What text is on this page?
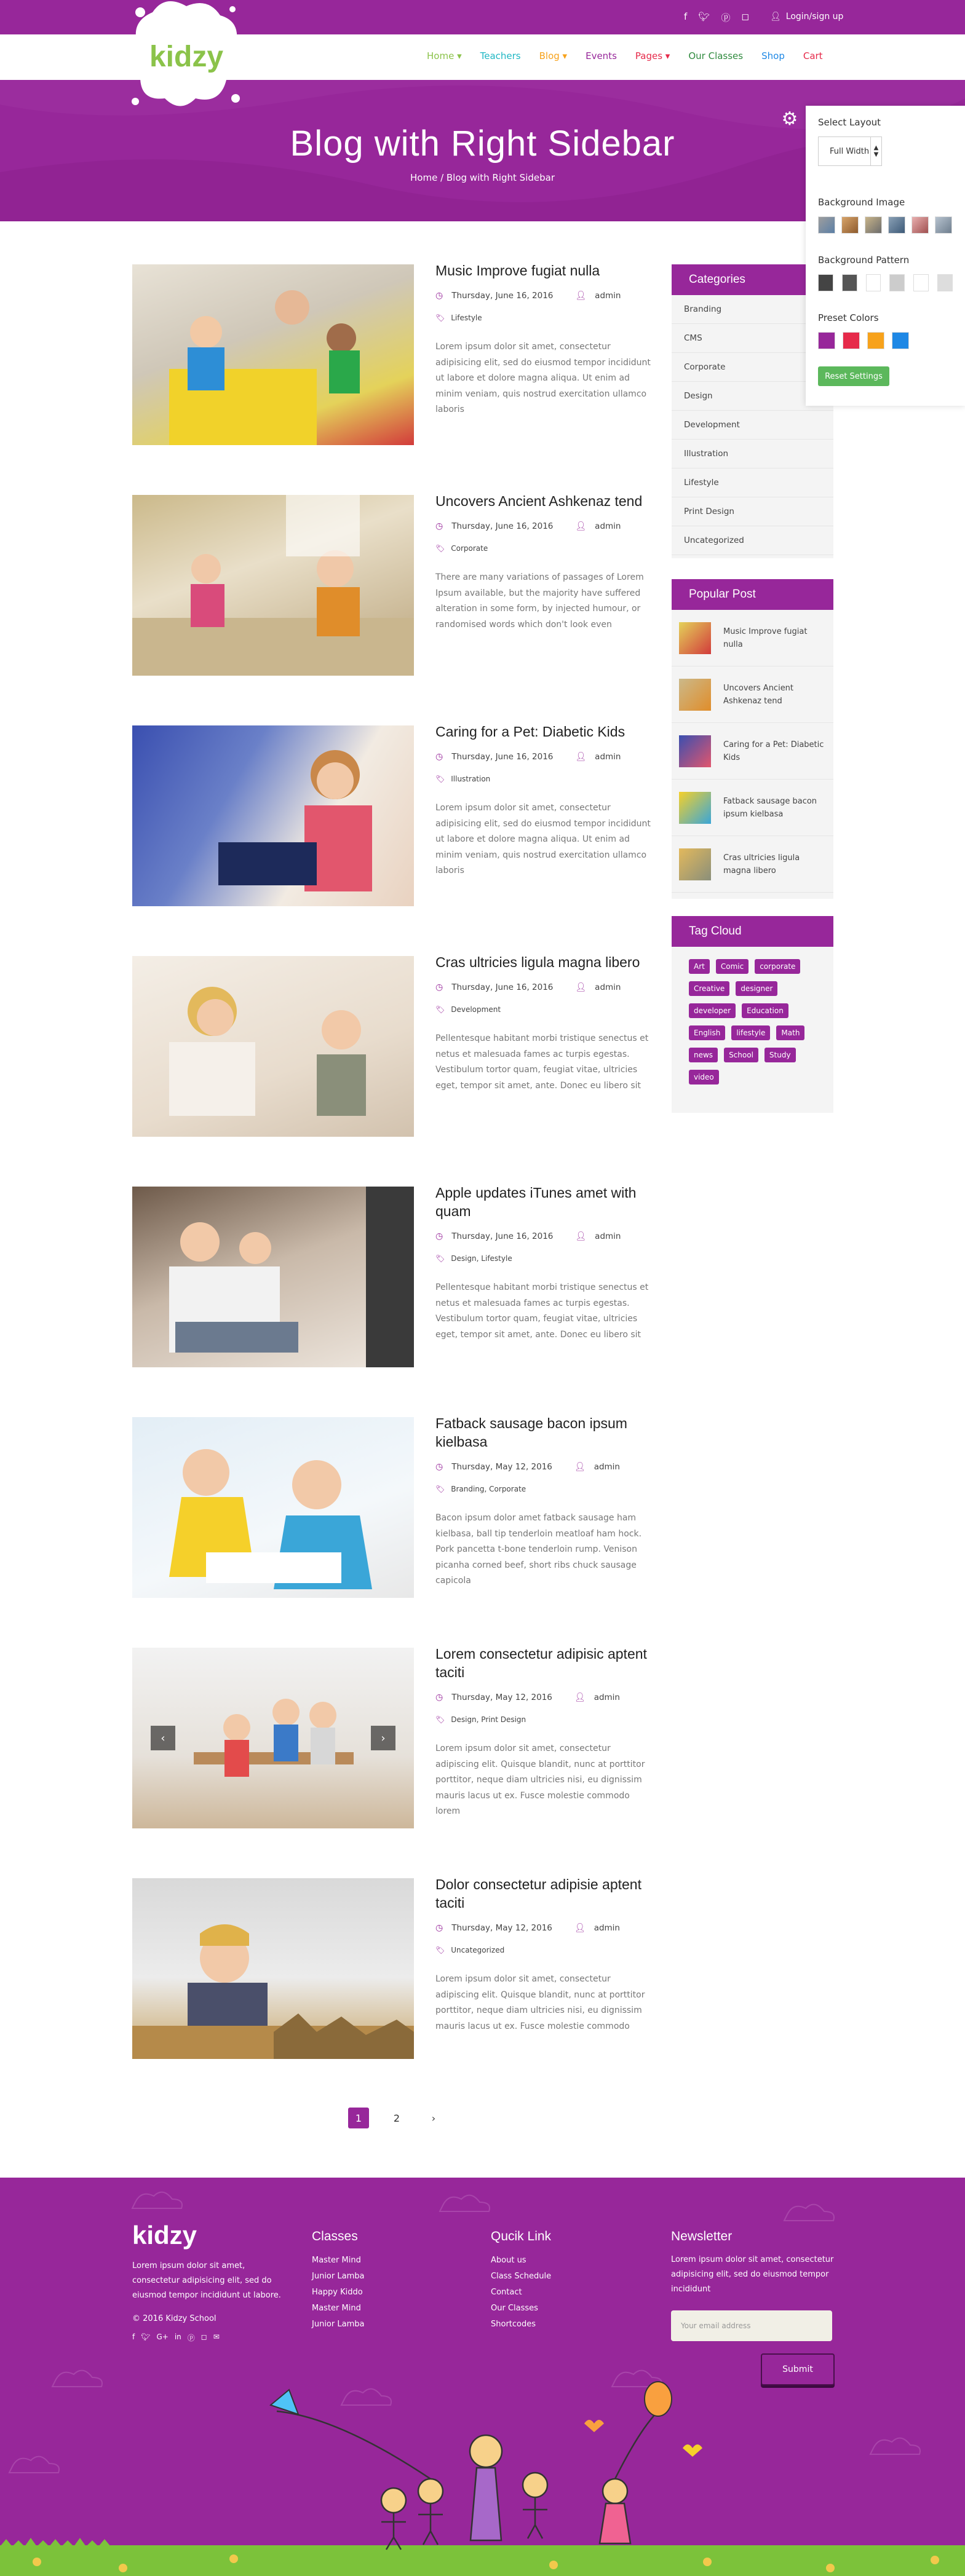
f 🐦︎ ⓟ ◻ 👤︎ Login/sign up
Home ▾ Teachers Blog ▾ Events Pages ▾ Our Classes Shop Cart
kidzy
Blog with Right Sidebar
Home / Blog with Right Sidebar
⚙	Select Layout
Full Width ▲
▼
Background Image
Background Pattern
Preset Colors
Reset Settings
Music Improve fugiat nulla
◷ Thursday, June 16, 2016	👤︎ admin
🏷︎ Lifestyle
Lorem ipsum dolor sit amet, consectetur adipisicing elit, sed do eiusmod tempor incididunt ut labore et dolore magna aliqua. Ut enim ad minim veniam, quis nostrud exercitation ullamco laboris
Uncovers Ancient Ashkenaz tend
◷ Thursday, June 16, 2016	👤︎ admin
🏷︎ Corporate
There are many variations of passages of Lorem Ipsum available, but the majority have suffered alteration in some form, by injected humour, or randomised words which don't look even
Caring for a Pet: Diabetic Kids
◷ Thursday, June 16, 2016	👤︎ admin
🏷︎ Illustration
Lorem ipsum dolor sit amet, consectetur adipisicing elit, sed do eiusmod tempor incididunt ut labore et dolore magna aliqua. Ut enim ad minim veniam, quis nostrud exercitation ullamco laboris
Cras ultricies ligula magna libero
◷ Thursday, June 16, 2016	👤︎ admin
🏷︎ Development
Pellentesque habitant morbi tristique senectus et netus et malesuada fames ac turpis egestas. Vestibulum tortor quam, feugiat vitae, ultricies eget, tempor sit amet, ante. Donec eu libero sit
Apple updates iTunes amet with quam
◷ Thursday, June 16, 2016	👤︎ admin
🏷︎ Design, Lifestyle
Pellentesque habitant morbi tristique senectus et netus et malesuada fames ac turpis egestas. Vestibulum tortor quam, feugiat vitae, ultricies eget, tempor sit amet, ante. Donec eu libero sit
Fatback sausage bacon ipsum kielbasa
◷ Thursday, May 12, 2016	👤︎ admin
🏷︎ Branding, Corporate
Bacon ipsum dolor amet fatback sausage ham kielbasa, ball tip tenderloin meatloaf ham hock. Pork pancetta t-bone tenderloin rump. Venison picanha corned beef, short ribs chuck sausage capicola
‹	›
Lorem consectetur adipisic aptent taciti
◷ Thursday, May 12, 2016	👤︎ admin
🏷︎ Design, Print Design
Lorem ipsum dolor sit amet, consectetur adipiscing elit. Quisque blandit, nunc at porttitor porttitor, neque diam ultricies nisi, eu dignissim mauris lacus ut ex. Fusce molestie commodo lorem
Dolor consectetur adipisie aptent taciti
◷ Thursday, May 12, 2016	👤︎ admin
🏷︎ Uncategorized
Lorem ipsum dolor sit amet, consectetur adipiscing elit. Quisque blandit, nunc at porttitor porttitor, neque diam ultricies nisi, eu dignissim mauris lacus ut ex. Fusce molestie commodo
Categories
Branding
CMS
Corporate
Design
Development
Illustration
Lifestyle
Print Design
Uncategorized
Popular Post
Music Improve fugiat nulla
Uncovers Ancient Ashkenaz tend
Caring for a Pet: Diabetic Kids
Fatback sausage bacon ipsum kielbasa
Cras ultricies ligula magna libero
Tag Cloud
Art	Comic	corporate
Creative	designer
developer	Education
English	lifestyle	Math
news	School	Study
video
1	2	›
kidzy
Lorem ipsum dolor sit amet, consectetur adipisicing elit, sed do eiusmod tempor incididunt ut labore.
© 2016 Kidzy School
f 🐦︎ G+ in ⓟ ◻ ✉
Classes
Master Mind
Junior Lamba
Happy Kiddo
Master Mind
Junior Lamba
Qucik Link
About us
Class Schedule
Contact
Our Classes
Shortcodes
Newsletter
Lorem ipsum dolor sit amet, consectetur adipisicing elit, sed do eiusmod tempor incididunt
Your email address
Submit
